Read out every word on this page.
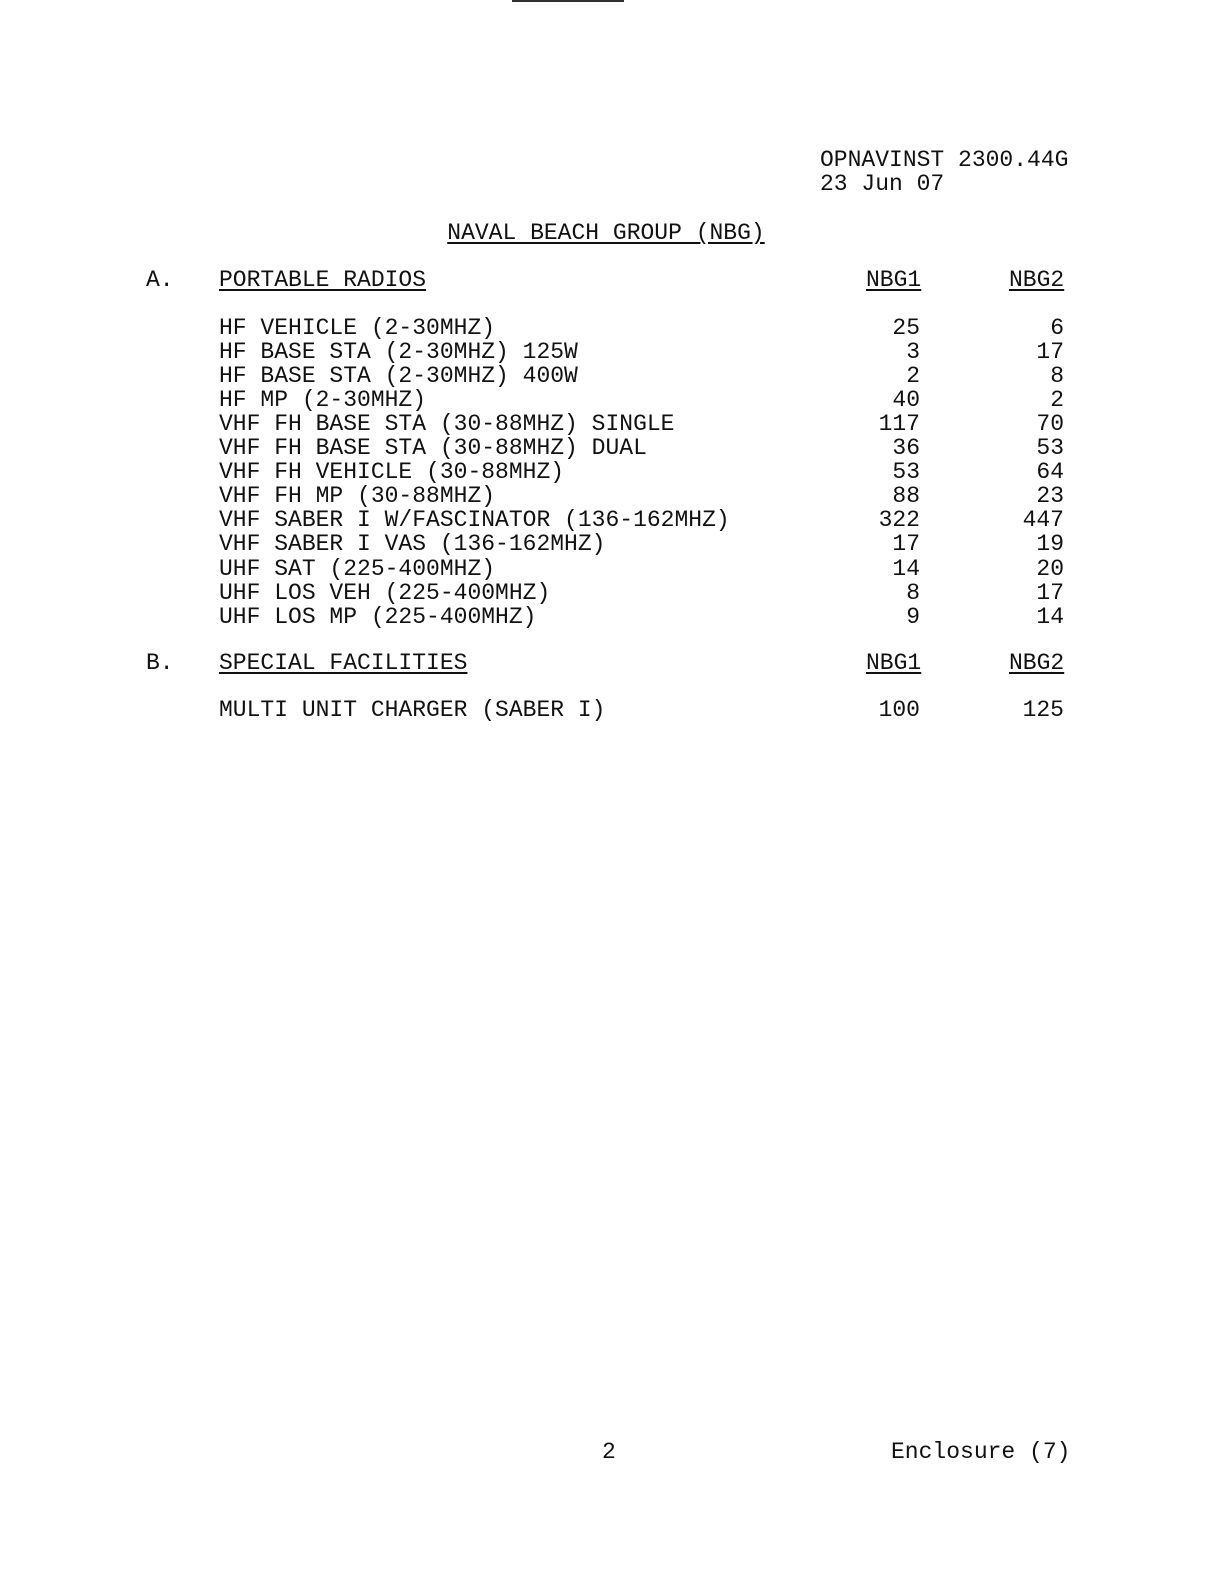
OPNAVINST 2300.44G
23 Jun 07
NAVAL BEACH GROUP (NBG)
A. PORTABLE RADIOS	NBG1	NBG2
HF VEHICLE (2-30MHZ)	25	6
HF BASE STA (2-30MHZ) 125W	3	17
HF BASE STA (2-30MHZ) 400W	2	8
HF MP (2-30MHZ)	40	2
VHF FH BASE STA (30-88MHZ) SINGLE	117	70
VHF FH BASE STA (30-88MHZ) DUAL	36	53
VHF FH VEHICLE (30-88MHZ)	53	64
VHF FH MP (30-88MHZ)	88	23
VHF SABER I W/FASCINATOR (136-162MHZ)	322	447
VHF SABER I VAS (136-162MHZ)	17	19
UHF SAT (225-400MHZ)	14	20
UHF LOS VEH (225-400MHZ)	8	17
UHF LOS MP (225-400MHZ)	9	14
B. SPECIAL FACILITIES	NBG1	NBG2
MULTI UNIT CHARGER (SABER I)	100	125
2	Enclosure (7)
